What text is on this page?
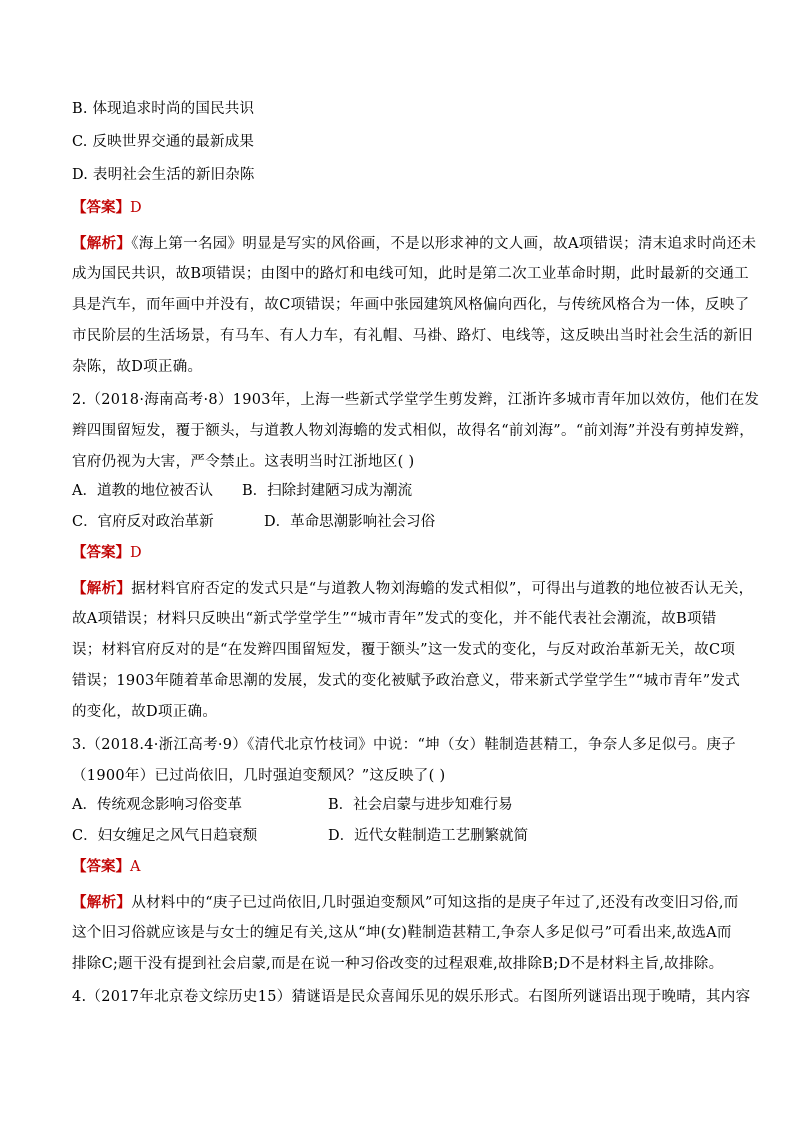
B. 体现追求时尚的国民共识
C. 反映世界交通的最新成果
D. 表明社会生活的新旧杂陈
【答案】D
【解析】《海上第一名园》明显是写实的风俗画，不是以形求神的文人画，故A项错误；清末追求时尚还未
成为国民共识，故B项错误；由图中的路灯和电线可知，此时是第二次工业革命时期，此时最新的交通工
具是汽车，而年画中并没有，故C项错误；年画中张园建筑风格偏向西化，与传统风格合为一体，反映了
市民阶层的生活场景，有马车、有人力车，有礼帽、马褂、路灯、电线等，这反映出当时社会生活的新旧
杂陈，故D项正确。
2.（2018·海南高考·8）1903年，上海一些新式学堂学生剪发辫，江浙许多城市青年加以效仿，他们在发
辫四围留短发，覆于额头，与道教人物刘海蟾的发式相似，故得名“前刘海”。“前刘海”并没有剪掉发辫，
官府仍视为大害，严令禁止。这表明当时江浙地区( )
A．道教的地位被否认 B．扫除封建陋习成为潮流
C．官府反对政治革新	D．革命思潮影响社会习俗
【答案】D
【解析】据材料官府否定的发式只是“与道教人物刘海蟾的发式相似”，可得出与道教的地位被否认无关，
故A项错误；材料只反映出“新式学堂学生”“城市青年”发式的变化，并不能代表社会潮流，故B项错
误；材料官府反对的是“在发辫四围留短发，覆于额头”这一发式的变化，与反对政治革新无关，故C项
错误；1903年随着革命思潮的发展，发式的变化被赋予政治意义，带来新式学堂学生”“城市青年”发式
的变化，故D项正确。
3.（2018.4·浙江高考·9）《清代北京竹枝词》中说：“坤（女）鞋制造甚精工，争奈人多足似弓。庚子
（1900年）已过尚依旧，几时强迫变颓风？”这反映了( )
A．传统观念影响习俗变革	B．社会启蒙与进步知难行易
C．妇女缠足之风气日趋衰颓	D．近代女鞋制造工艺删繁就简
【答案】A
【解析】从材料中的“庚子已过尚依旧,几时强迫变颓风”可知这指的是庚子年过了,还没有改变旧习俗,而
这个旧习俗就应该是与女士的缠足有关,这从“坤(女)鞋制造甚精工,争奈人多足似弓”可看出来,故选A而
排除C;题干没有提到社会启蒙,而是在说一种习俗改变的过程艰难,故排除B;D不是材料主旨,故排除。
4.（2017年北京卷文综历史15）猜谜语是民众喜闻乐见的娱乐形式。右图所列谜语出现于晚晴，其内容
